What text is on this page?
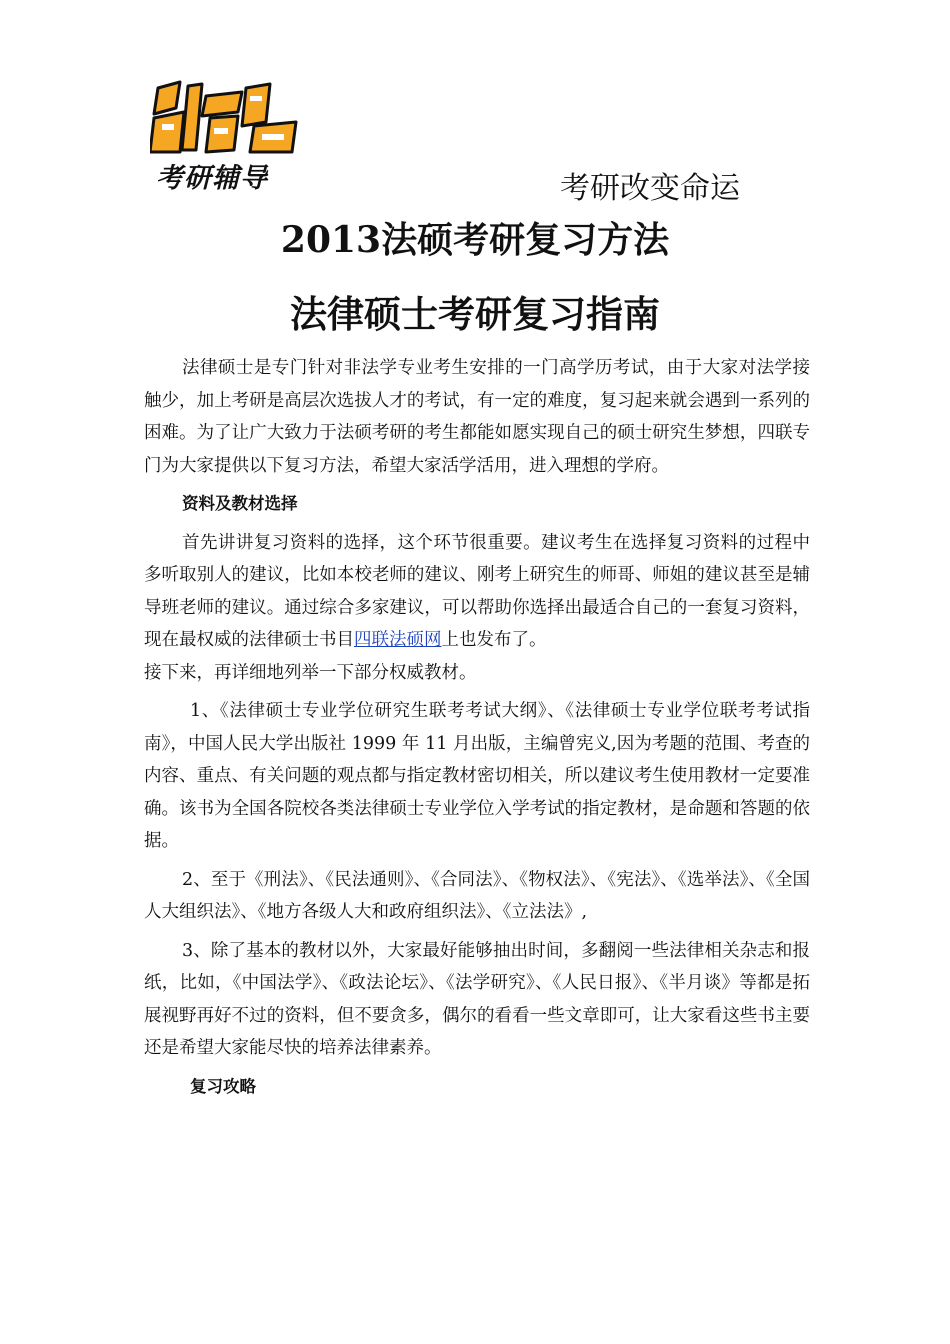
考研辅导	考研改变命运
2013法硕考研复习方法
法律硕士考研复习指南

法律硕士是专门针对非法学专业考生安排的一门高学历考试，由于大家对法学接触少，加上考研是高层次选拔人才的考试，有一定的难度，复习起来就会遇到一系列的困难。为了让广大致力于法硕考研的考生都能如愿实现自己的硕士研究生梦想，四联专门为大家提供以下复习方法，希望大家活学活用，进入理想的学府。

资料及教材选择

首先讲讲复习资料的选择，这个环节很重要。建议考生在选择复习资料的过程中多听取别人的建议，比如本校老师的建议、刚考上研究生的师哥、师姐的建议甚至是辅导班老师的建议。通过综合多家建议，可以帮助你选择出最适合自己的一套复习资料，现在最权威的法律硕士书目四联法硕网上也发布了。

接下来，再详细地列举一下部分权威教材。

1、《法律硕士专业学位研究生联考考试大纲》、《法律硕士专业学位联考考试指南》，中国人民大学出版社 1999 年 11 月出版，主编曾宪义,因为考题的范围、考查的内容、重点、有关问题的观点都与指定教材密切相关，所以建议考生使用教材一定要准确。该书为全国各院校各类法律硕士专业学位入学考试的指定教材，是命题和答题的依据。

2、至于《刑法》、《民法通则》、《合同法》、《物权法》、《宪法》、《选举法》、《全国人大组织法》、《地方各级人大和政府组织法》、《立法法》,

3、除了基本的教材以外，大家最好能够抽出时间，多翻阅一些法律相关杂志和报纸，比如，《中国法学》、《政法论坛》、《法学研究》、《人民日报》、《半月谈》等都是拓展视野再好不过的资料，但不要贪多，偶尔的看看一些文章即可，让大家看这些书主要还是希望大家能尽快的培养法律素养。

复习攻略
